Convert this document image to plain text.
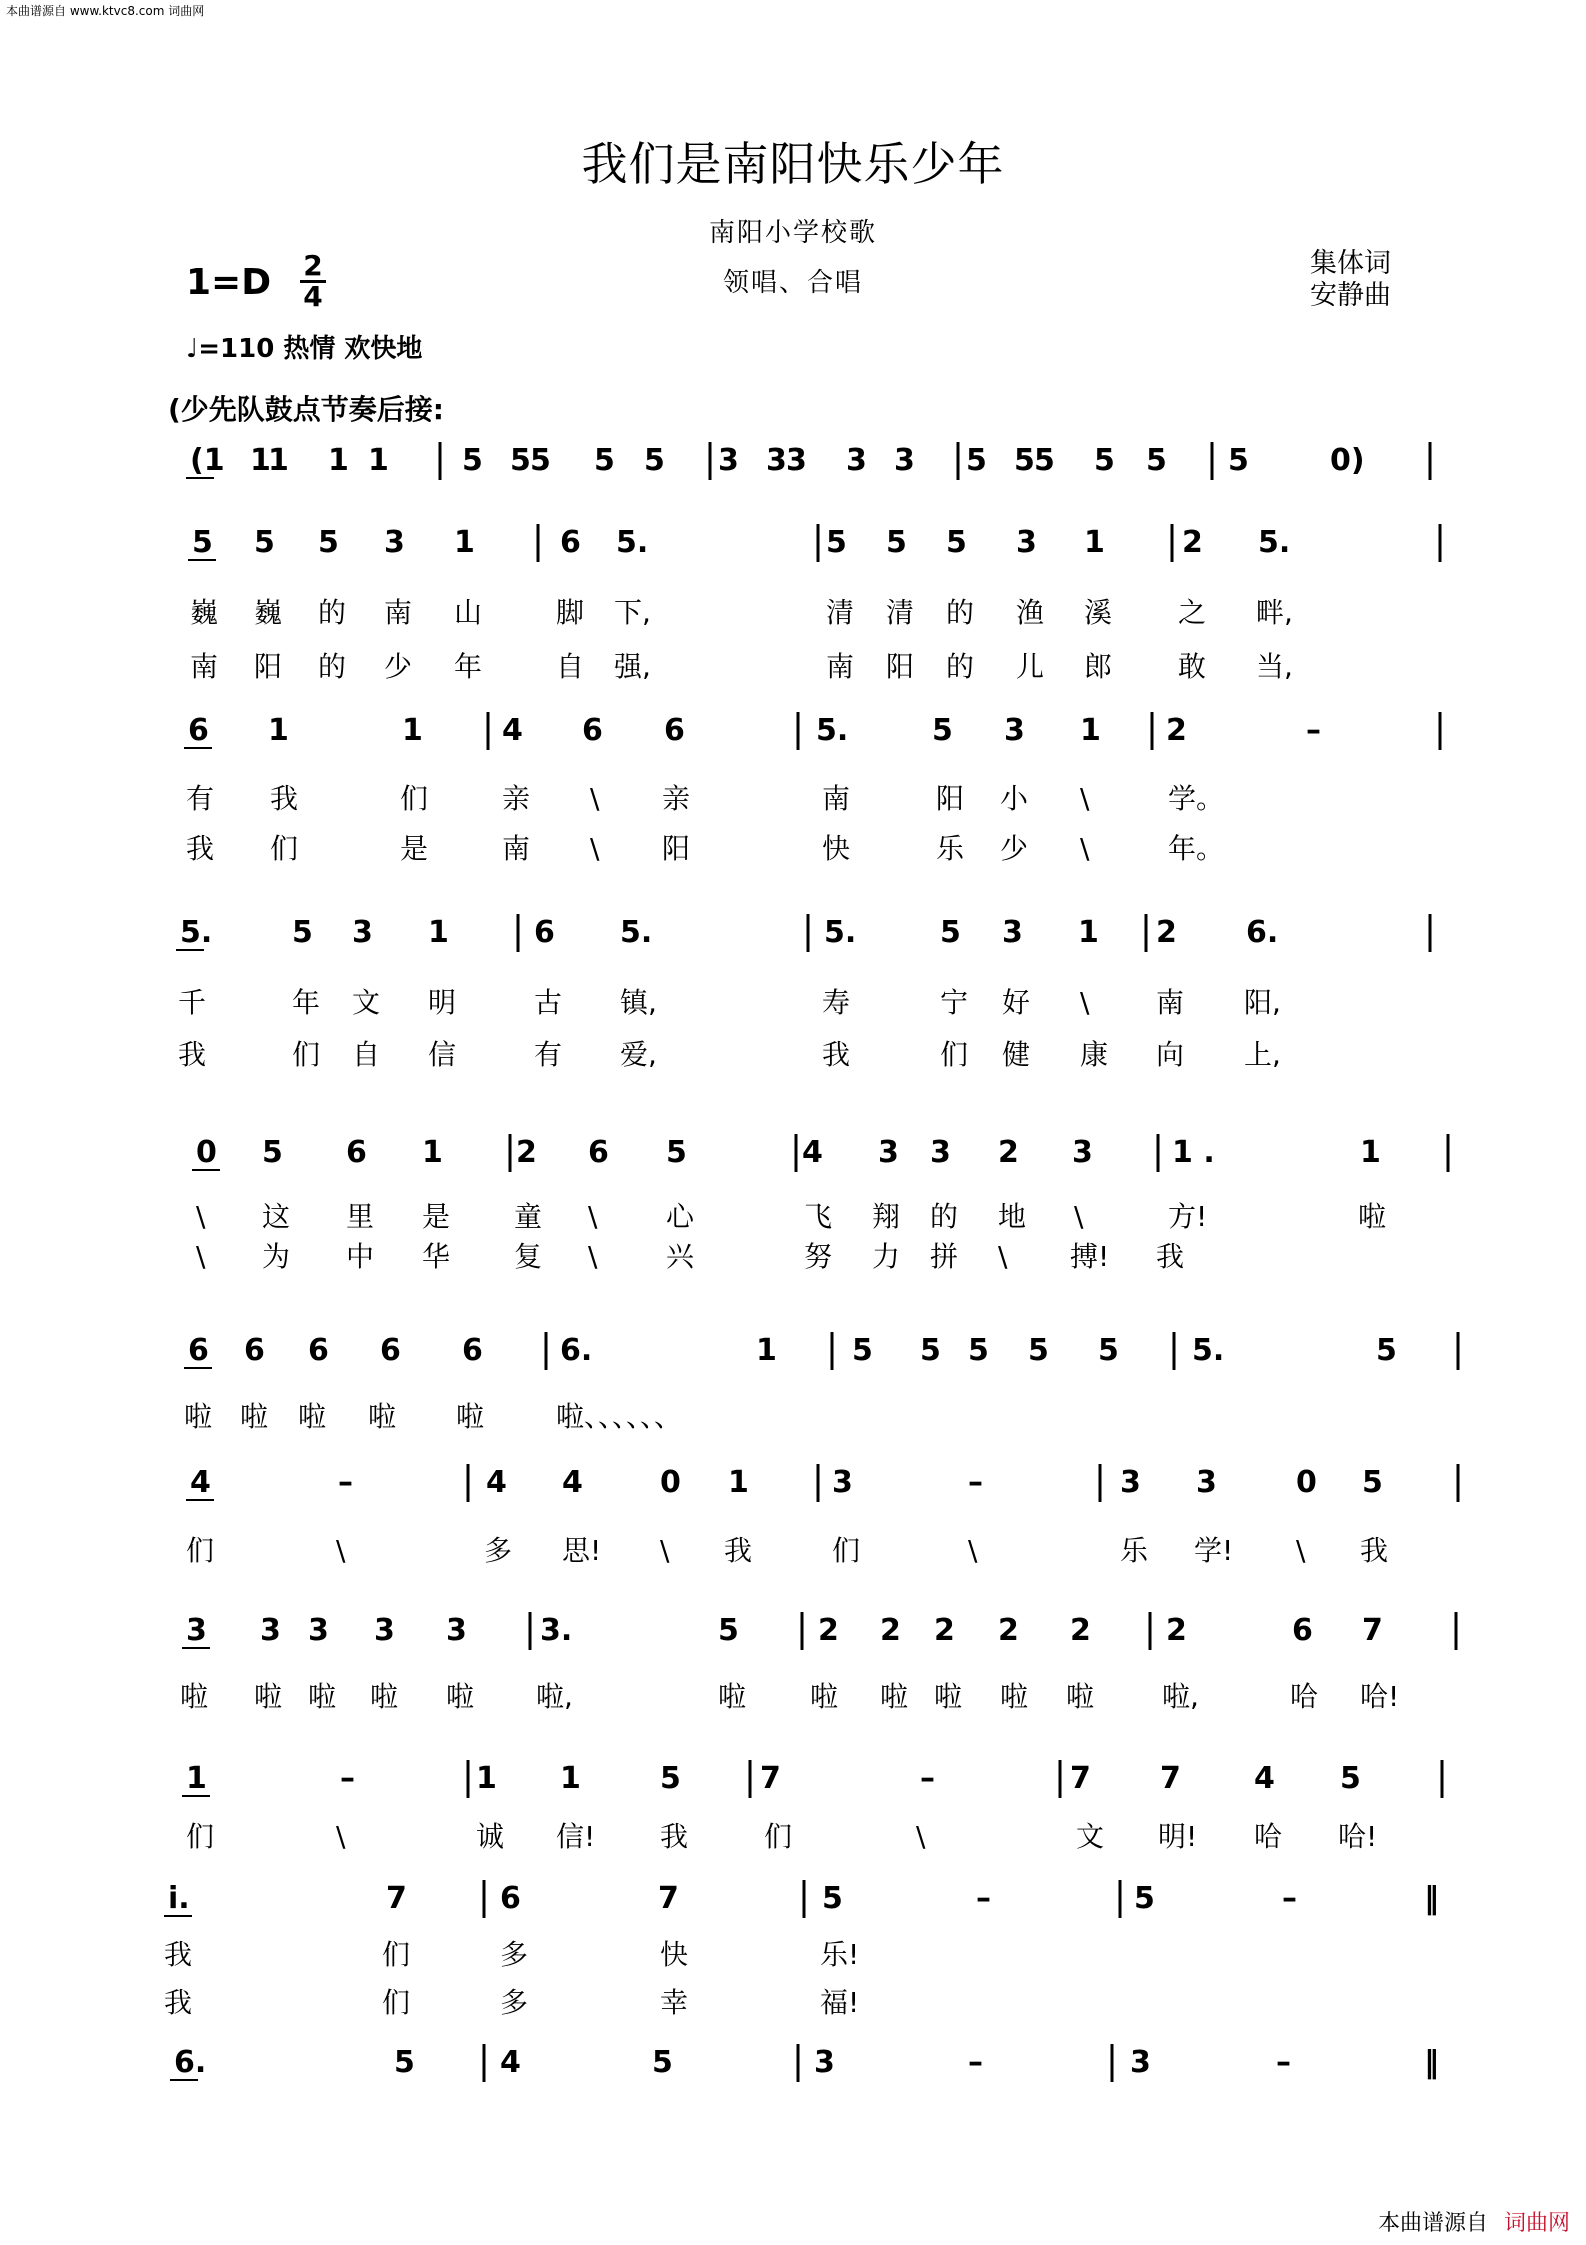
本曲谱源自 www.ktvc8.com 词曲网
我们是南阳快乐少年
南阳小学校歌
领唱、合唱
集体词
安静曲
1=D 2
4
♩=110 热情 欢快地
(少先队鼓点节奏后接:
(1 1
1 1 1 5 5 5 5 5 3 3 3 3 3 5 5 5 5 5 5	0)
5 5 5 3 1	6 5.	5 5 5 3 1	2 5.
巍 巍 的 南 山	脚 下,	清 清 的 渔 溪 之 畔,
南 阳 的 少 年	自 强,	南 阳 的 儿 郎 敢 当,
6 1	1	4 6 6	5.	5 3 1 2	–
有 我	们	亲 \ 亲	南	阳 小 \	学。
我 们	是	南 \ 阳	快	乐 少 \	年。
5.	5 3 1	6 5.	5.	5 3 1 2 6.
千	年 文 明	古 镇,	寿	宁 好 \ 南 阳,
我	们 自 信	有 爱,	我	们 健 康 向 上,
0 5 6 1 2 6 5	4 3 3 2 3	1 .	1
\ 这 里 是 童 \ 心	飞 翔 的 地 \	方!	啦
\ 为 中 华 复 \ 兴	努 力 拼 \ 搏! 我
6 6 6 6 6	6.	1	5 5 5 5 5 5.	5
啦 啦 啦 啦 啦	啦、、、、、、
4	–	4 4	0 1	3	–	3 3	0 5
们	\	多 思! \ 我	们	\	乐 学! \ 我
3 3 3 3 3 3.	5	2 2 2 2 2	2	6 7
啦 啦 啦 啦 啦 啦,	啦 啦 啦 啦 啦 啦 啦,	哈 哈!
1	–	1 1	5	7	–	7 7 4 5
们	\	诚 信! 我	们	\	文 明! 哈 哈!
i.	7	6	7	5	–	5	–	‖
我	们	多	快	乐!
我	们	多	幸	福!
6.	5	4	5	3	–	3	–	‖
本曲谱源自 词曲网
